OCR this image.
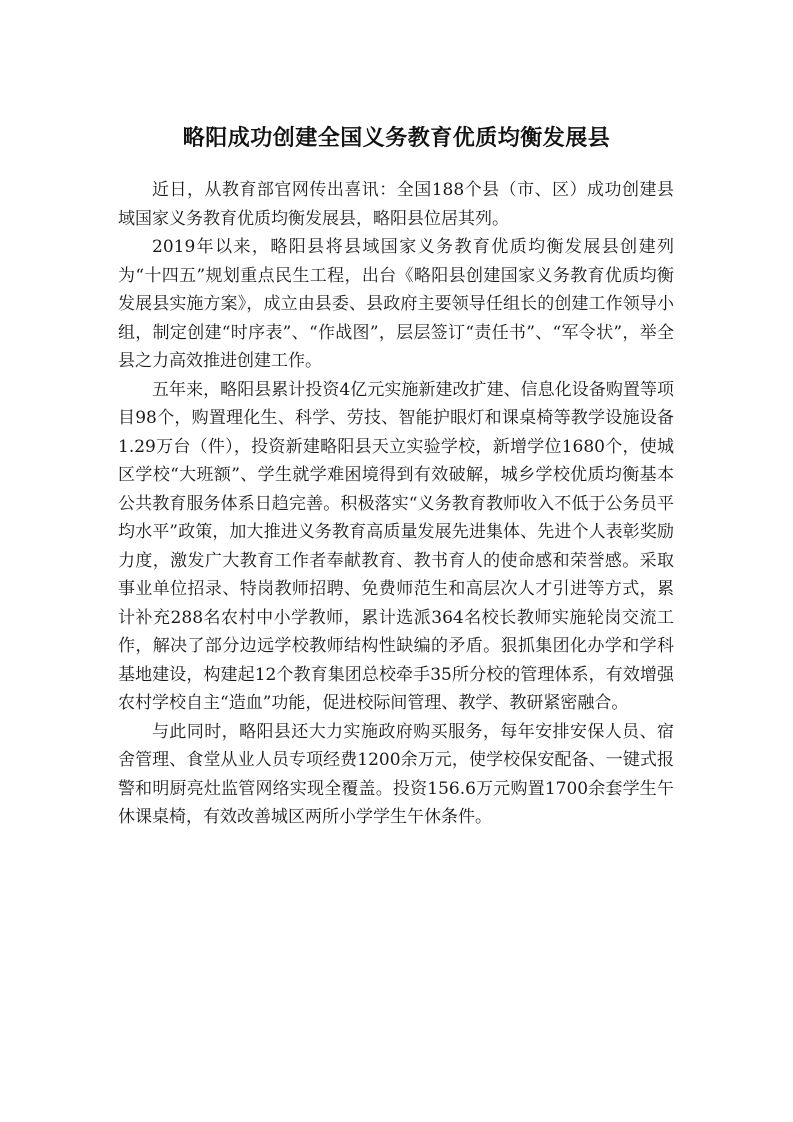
略阳成功创建全国义务教育优质均衡发展县

近日，从教育部官网传出喜讯：全国188个县（市、区）成功创建县域国家义务教育优质均衡发展县，略阳县位居其列。

2019年以来，略阳县将县域国家义务教育优质均衡发展县创建列为“十四五”规划重点民生工程，出台《略阳县创建国家义务教育优质均衡发展县实施方案》，成立由县委、县政府主要领导任组长的创建工作领导小组，制定创建“时序表”、“作战图”，层层签订“责任书”、“军令状”，举全县之力高效推进创建工作。

五年来，略阳县累计投资4亿元实施新建改扩建、信息化设备购置等项目98个，购置理化生、科学、劳技、智能护眼灯和课桌椅等教学设施设备1.29万台（件），投资新建略阳县天立实验学校，新增学位1680个，使城区学校“大班额”、学生就学难困境得到有效破解，城乡学校优质均衡基本公共教育服务体系日趋完善。积极落实“义务教育教师收入不低于公务员平均水平”政策，加大推进义务教育高质量发展先进集体、先进个人表彰奖励力度，激发广大教育工作者奉献教育、教书育人的使命感和荣誉感。采取事业单位招录、特岗教师招聘、免费师范生和高层次人才引进等方式，累计补充288名农村中小学教师，累计选派364名校长教师实施轮岗交流工作，解决了部分边远学校教师结构性缺编的矛盾。狠抓集团化办学和学科基地建设，构建起12个教育集团总校牵手35所分校的管理体系，有效增强农村学校自主“造血”功能，促进校际间管理、教学、教研紧密融合。

与此同时，略阳县还大力实施政府购买服务，每年安排安保人员、宿舍管理、食堂从业人员专项经费1200余万元，使学校保安配备、一键式报警和明厨亮灶监管网络实现全覆盖。投资156.6万元购置1700余套学生午休课桌椅，有效改善城区两所小学学生午休条件。
